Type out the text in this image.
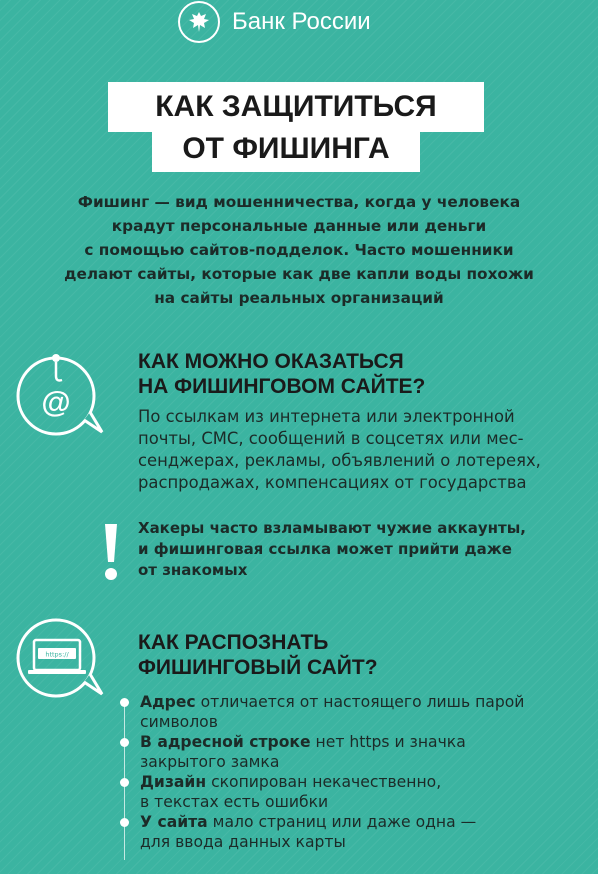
Банк России
КАК ЗАЩИТИТЬСЯ
ОТ ФИШИНГА
Фишинг — вид мошенничества, когда у человека
крадут персональные данные или деньги
с помощью сайтов-подделок. Часто мошенники
делают сайты, которые как две капли воды похожи
на сайты реальных организаций
@
КАК МОЖНО ОКАЗАТЬСЯ
НА ФИШИНГОВОМ САЙТЕ?
По ссылкам из интернета или электронной
почты, СМС, сообщений в соцсетях или мес-
сенджерах, рекламы, объявлений о лотереях,
распродажах, компенсациях от государства
Хакеры часто взламывают чужие аккаунты,
и фишинговая ссылка может прийти даже
от знакомых
https://
КАК РАСПОЗНАТЬ
ФИШИНГОВЫЙ САЙТ?
Адрес отличается от настоящего лишь парой
символов
В адресной строке нет https и значка
закрытого замка
Дизайн скопирован некачественно,
в текстах есть ошибки
У сайта мало страниц или даже одна —
для ввода данных карты
